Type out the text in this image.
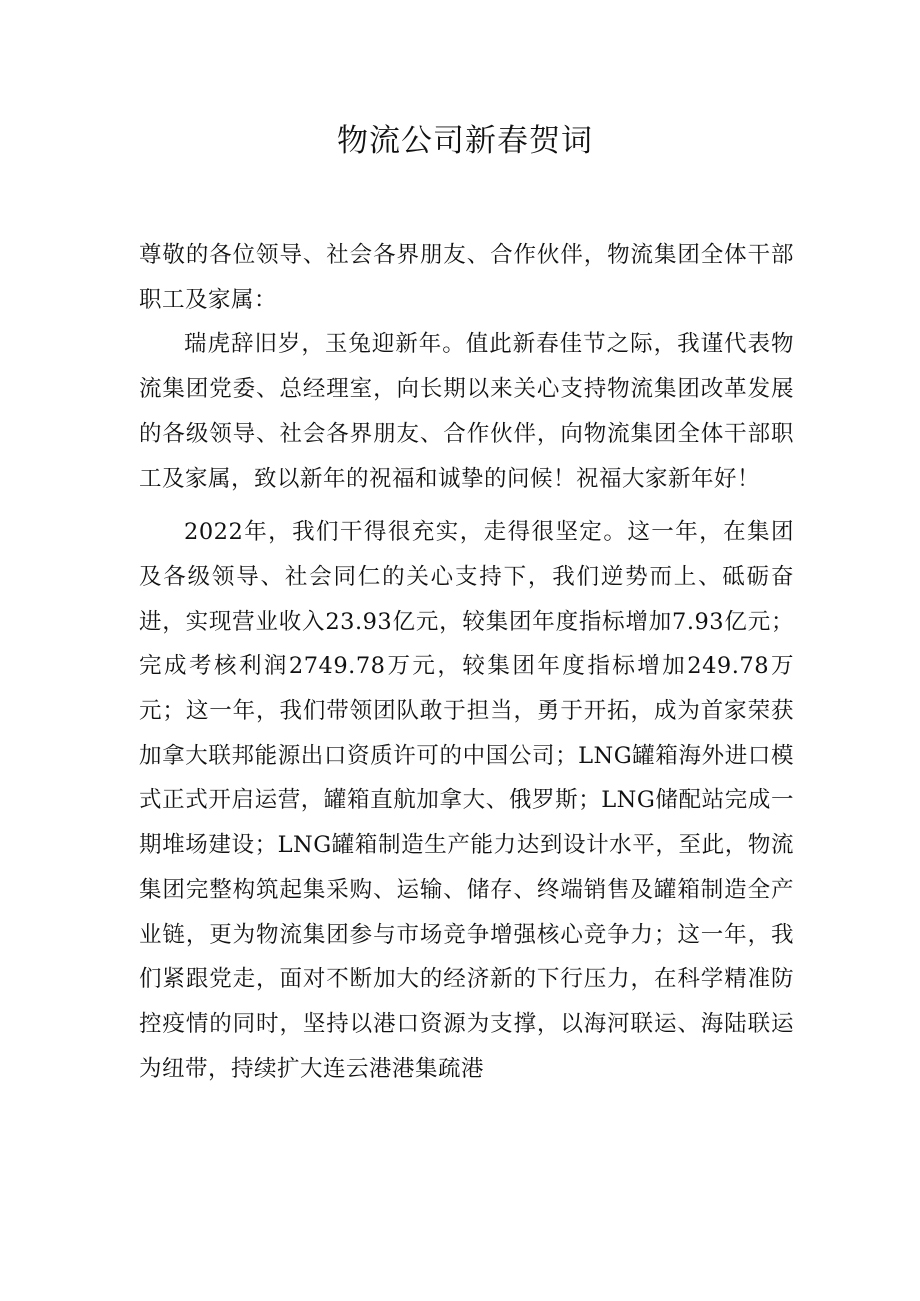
物流公司新春贺词

尊敬的各位领导、社会各界朋友、合作伙伴，物流集团全体干部职工及家属：

瑞虎辞旧岁，玉兔迎新年。值此新春佳节之际，我谨代表物流集团党委、总经理室，向长期以来关心支持物流集团改革发展的各级领导、社会各界朋友、合作伙伴，向物流集团全体干部职工及家属，致以新年的祝福和诚挚的问候！祝福大家新年好！

2022年，我们干得很充实，走得很坚定。这一年，在集团及各级领导、社会同仁的关心支持下，我们逆势而上、砥砺奋进，实现营业收入23.93亿元，较集团年度指标增加7.93亿元；完成考核利润2749.78万元，较集团年度指标增加249.78万元；这一年，我们带领团队敢于担当，勇于开拓，成为首家荣获加拿大联邦能源出口资质许可的中国公司；LNG罐箱海外进口模式正式开启运营，罐箱直航加拿大、俄罗斯；LNG储配站完成一期堆场建设；LNG罐箱制造生产能力达到设计水平，至此，物流集团完整构筑起集采购、运输、储存、终端销售及罐箱制造全产业链，更为物流集团参与市场竞争增强核心竞争力；这一年，我们紧跟党走，面对不断加大的经济新的下行压力，在科学精准防控疫情的同时，坚持以港口资源为支撑，以海河联运、海陆联运为纽带，持续扩大连云港港集疏港
